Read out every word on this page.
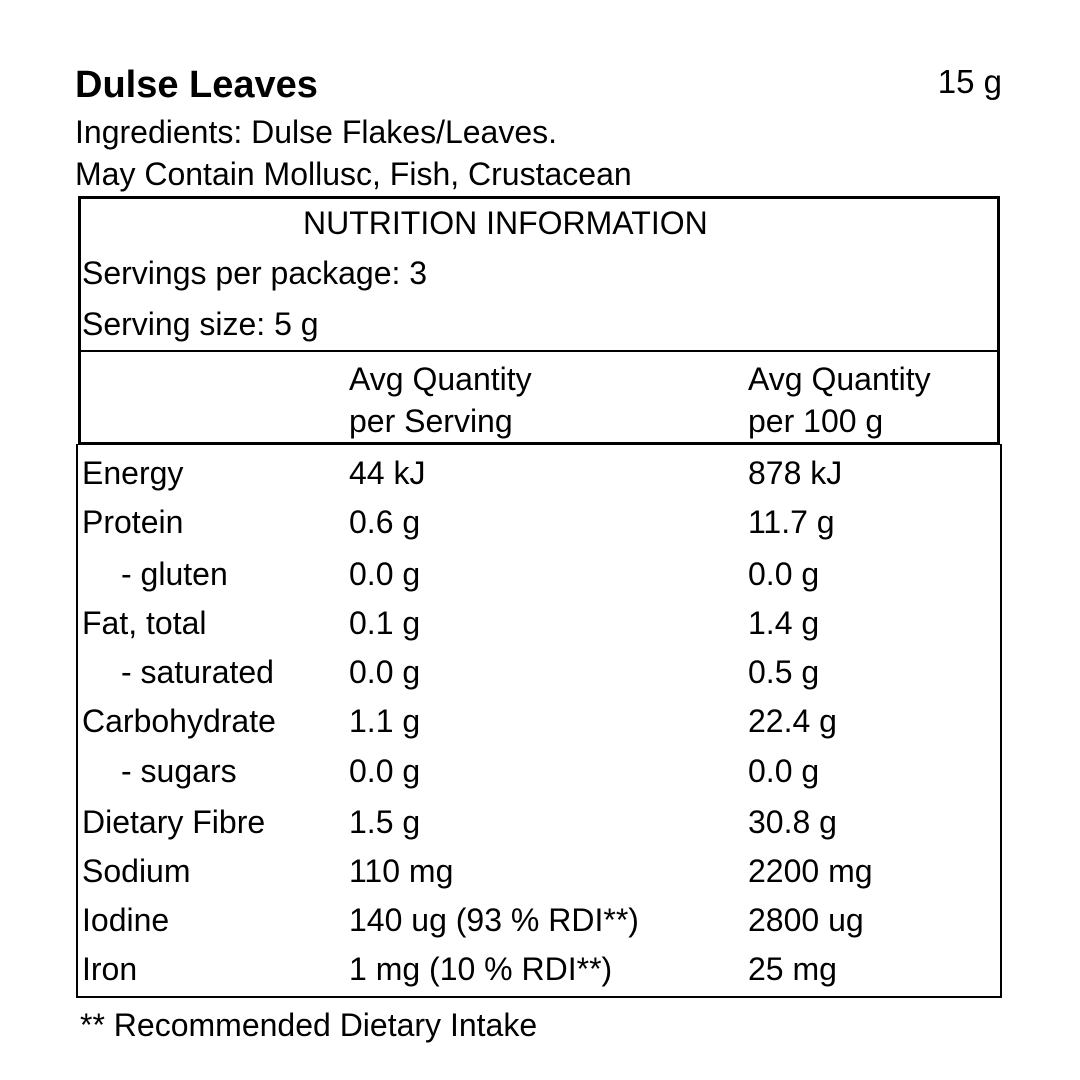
Dulse Leaves	15 g
Ingredients: Dulse Flakes/Leaves.
May Contain Mollusc, Fish, Crustacean
NUTRITION INFORMATION
Servings per package: 3
Serving size: 5 g
Avg Quantity
per Serving
Avg Quantity
per 100 g
Energy	44 kJ	878 kJ
Protein	0.6 g	11.7 g
- gluten	0.0 g	0.0 g
Fat, total	0.1 g	1.4 g
- saturated 0.0 g	0.5 g
Carbohydrate 1.1 g	22.4 g
- sugars	0.0 g	0.0 g
Dietary Fibre	1.5 g	30.8 g
Sodium	110 mg	2200 mg
Iodine	140 ug (93 % RDI**)	2800 ug
Iron	1 mg (10 % RDI**)	25 mg
** Recommended Dietary Intake
